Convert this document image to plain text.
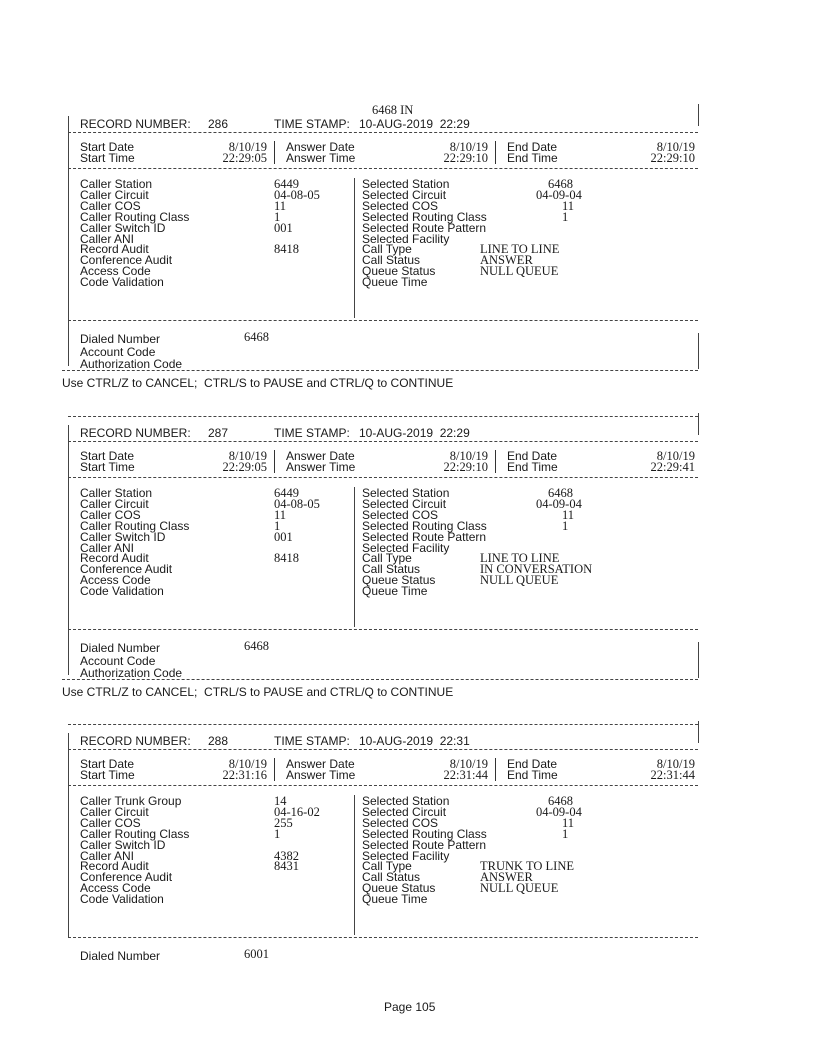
6468 IN
RECORD NUMBER: 286	TIME STAMP: 10-AUG-2019  22:29
Start Date	8/10/19
Start Time	22:29:05
Answer Date	8/10/19
Answer Time	22:29:10
End Date	8/10/19
End Time	22:29:10
Caller Station	6449
Caller Circuit	04-08-05
Caller COS	11
Caller Routing Class	1
Caller Switch ID	001
Caller ANI
Record Audit	8418
Conference Audit
Access Code
Code Validation
Selected Station	6468
Selected Circuit	04-09-04
Selected COS	11
Selected Routing Class	1
Selected Route Pattern
Selected Facility
Call Type	LINE TO LINE
Call Status	ANSWER
Queue Status	NULL QUEUE
Queue Time
Dialed Number	6468
Account Code
Authorization Code
Use CTRL/Z to CANCEL;  CTRL/S to PAUSE and CTRL/Q to CONTINUE
RECORD NUMBER: 287	TIME STAMP: 10-AUG-2019  22:29
Start Date	8/10/19
Start Time	22:29:05
Answer Date	8/10/19
Answer Time	22:29:10
End Date	8/10/19
End Time	22:29:41
Caller Station	6449
Caller Circuit	04-08-05
Caller COS	11
Caller Routing Class	1
Caller Switch ID	001
Caller ANI
Record Audit	8418
Conference Audit
Access Code
Code Validation
Selected Station	6468
Selected Circuit	04-09-04
Selected COS	11
Selected Routing Class	1
Selected Route Pattern
Selected Facility
Call Type	LINE TO LINE
Call Status	IN CONVERSATION
Queue Status	NULL QUEUE
Queue Time
Dialed Number	6468
Account Code
Authorization Code
Use CTRL/Z to CANCEL;  CTRL/S to PAUSE and CTRL/Q to CONTINUE
RECORD NUMBER: 288	TIME STAMP: 10-AUG-2019  22:31
Start Date	8/10/19
Start Time	22:31:16
Answer Date	8/10/19
Answer Time	22:31:44
End Date	8/10/19
End Time	22:31:44
Caller Trunk Group	14
Caller Circuit	04-16-02
Caller COS	255
Caller Routing Class	1
Caller Switch ID
Caller ANI	4382
Record Audit	8431
Conference Audit
Access Code
Code Validation
Selected Station	6468
Selected Circuit	04-09-04
Selected COS	11
Selected Routing Class	1
Selected Route Pattern
Selected Facility
Call Type	TRUNK TO LINE
Call Status	ANSWER
Queue Status	NULL QUEUE
Queue Time
Dialed Number	6001
Page 105
